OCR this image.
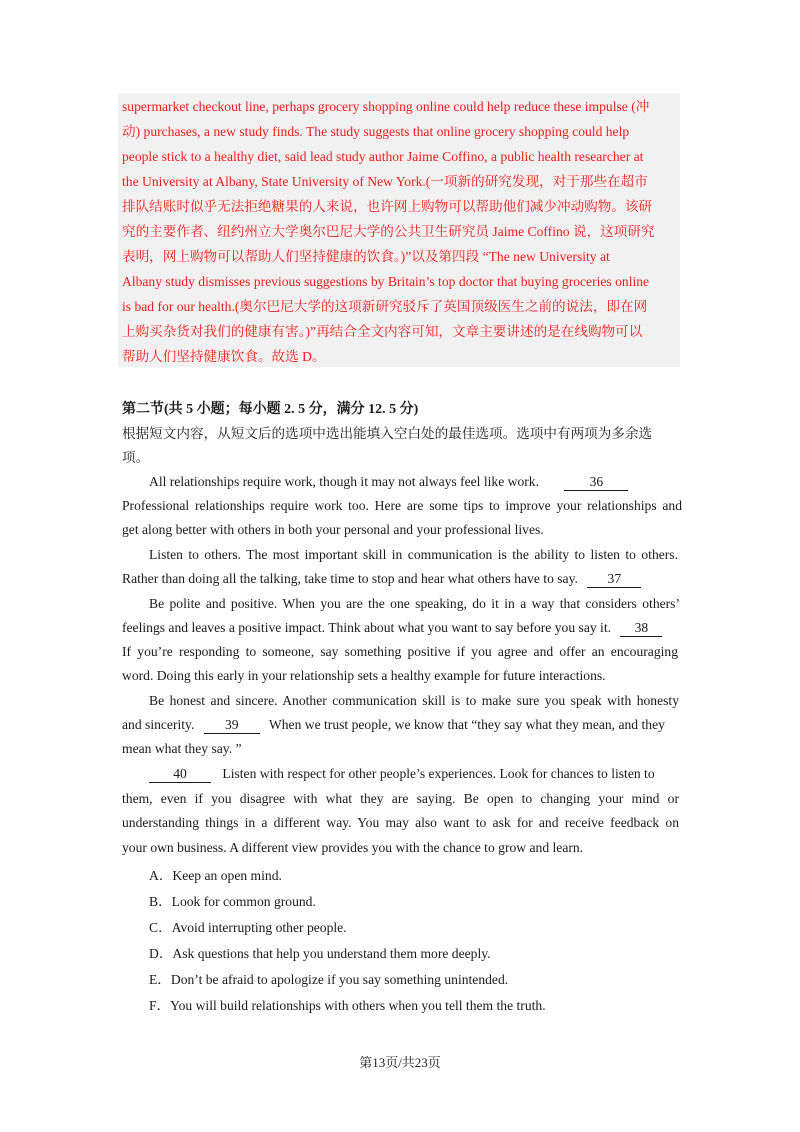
supermarket checkout line, perhaps grocery shopping online could help reduce these impulse (冲
动) purchases, a new study finds. The study suggests that online grocery shopping could help
people stick to a healthy diet, said lead study author Jaime Coffino, a public health researcher at
the University at Albany, State University of New York.(一项新的研究发现，对于那些在超市
排队结账时似乎无法拒绝糖果的人来说，也许网上购物可以帮助他们减少冲动购物。该研
究的主要作者、纽约州立大学奥尔巴尼大学的公共卫生研究员 Jaime Coffino 说，这项研究
表明，网上购物可以帮助人们坚持健康的饮食。)”以及第四段 “The new University at
Albany study dismisses previous suggestions by Britain’s top doctor that buying groceries online
is bad for our health.(奥尔巴尼大学的这项新研究驳斥了英国顶级医生之前的说法，即在网
上购买杂货对我们的健康有害。)”再结合全文内容可知，文章主要讲述的是在线购物可以
帮助人们坚持健康饮食。故选 D。
第二节(共 5 小题；每小题 2. 5 分，满分 12. 5 分)
根据短文内容，从短文后的选项中选出能填入空白处的最佳选项。选项中有两项为多余选
项。
All relationships require work, though it may not always feel like work.	36
Professional relationships require work too. Here are some tips to improve your relationships and
get along better with others in both your personal and your professional lives.
Listen to others. The most important skill in communication is the ability to listen to others.
Rather than doing all the talking, take time to stop and hear what others have to say. 37
Be polite and positive. When you are the one speaking, do it in a way that considers others’
feelings and leaves a positive impact. Think about what you want to say before you say it. 38
If you’re responding to someone, say something positive if you agree and offer an encouraging
word. Doing this early in your relationship sets a healthy example for future interactions.
Be honest and sincere. Another communication skill is to make sure you speak with honesty
and sincerity. 39 When we trust people, we know that “they say what they mean, and they
mean what they say. ”
40	Listen with respect for other people’s experiences. Look for chances to listen to
them, even if you disagree with what they are saying. Be open to changing your mind or
understanding things in a different way. You may also want to ask for and receive feedback on
your own business. A different view provides you with the chance to grow and learn.
A．Keep an open mind.
B．Look for common ground.
C．Avoid interrupting other people.
D．Ask questions that help you understand them more deeply.
E．Don’t be afraid to apologize if you say something unintended.
F．You will build relationships with others when you tell them the truth.
第13页/共23页
